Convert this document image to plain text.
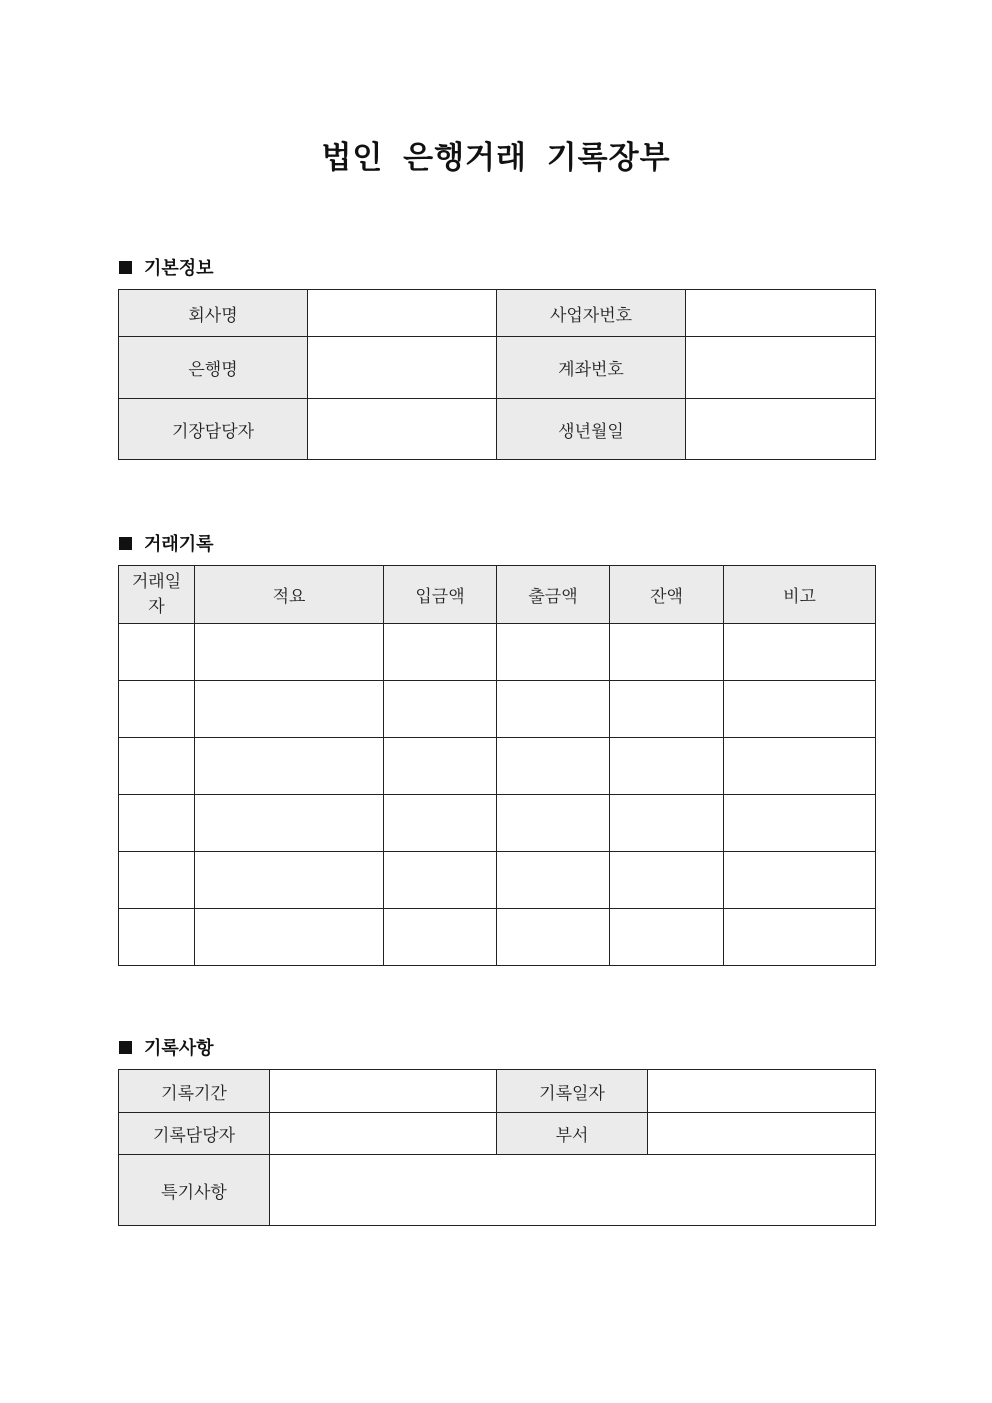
법인 은행거래 기록장부
기본정보
회사명		사업자번호	
은행명		계좌번호	
기장담당자		생년월일	
거래기록
거래일자	적요	입금액	출금액	잔액	비고

기록사항
기록기간		기록일자	
기록담당자		부서	
특기사항			
